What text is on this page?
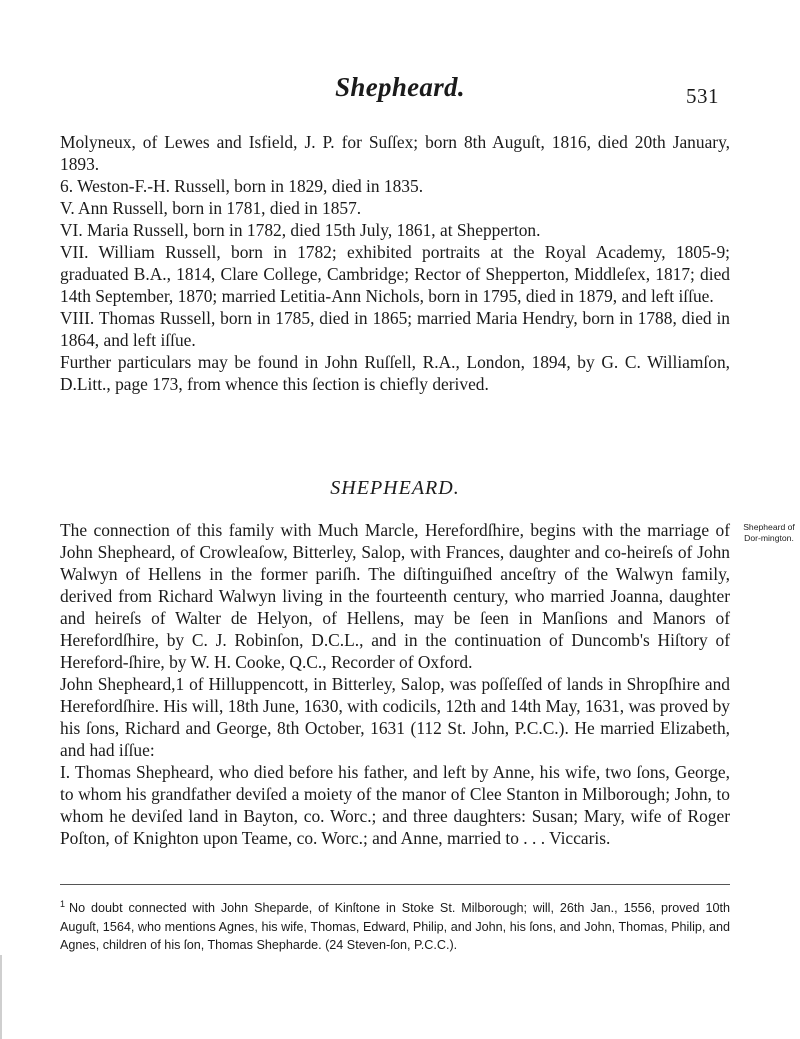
Shepheard.	531

Molyneux, of Lewes and Isfield, J. P. for Suſſex; born 8th Auguſt, 1816, died 20th January, 1893.

6. Weston-F.-H. Russell, born in 1829, died in 1835.

V. Ann Russell, born in 1781, died in 1857.

VI. Maria Russell, born in 1782, died 15th July, 1861, at Shepperton.

VII. William Russell, born in 1782; exhibited portraits at the Royal Academy, 1805-9; graduated B.A., 1814, Clare College, Cambridge; Rector of Shepperton, Middleſex, 1817; died 14th September, 1870; married Letitia-Ann Nichols, born in 1795, died in 1879, and left iſſue.

VIII. Thomas Russell, born in 1785, died in 1865; married Maria Hendry, born in 1788, died in 1864, and left iſſue.

Further particulars may be found in John Ruſſell, R.A., London, 1894, by G. C. Williamſon, D.Litt., page 173, from whence this ſection is chiefly derived.

SHEPHEARD.
Shepheard of Dor-mington.

The connection of this family with Much Marcle, Herefordſhire, begins with the marriage of John Shepheard, of Crowleaſow, Bitterley, Salop, with Frances, daughter and co-heireſs of John Walwyn of Hellens in the former pariſh. The diſtinguiſhed anceſtry of the Walwyn family, derived from Richard Walwyn living in the fourteenth century, who married Joanna, daughter and heireſs of Walter de Helyon, of Hellens, may be ſeen in Manſions and Manors of Herefordſhire, by C. J. Robinſon, D.C.L., and in the continuation of Duncomb's Hiſtory of Hereford-ſhire, by W. H. Cooke, Q.C., Recorder of Oxford.

John Shepheard,1 of Hilluppencott, in Bitterley, Salop, was poſſeſſed of lands in Shropſhire and Herefordſhire. His will, 18th June, 1630, with codicils, 12th and 14th May, 1631, was proved by his ſons, Richard and George, 8th October, 1631 (112 St. John, P.C.C.). He married Elizabeth, and had iſſue:

I. Thomas Shepheard, who died before his father, and left by Anne, his wife, two ſons, George, to whom his grandfather deviſed a moiety of the manor of Clee Stanton in Milborough; John, to whom he deviſed land in Bayton, co. Worc.; and three daughters: Susan; Mary, wife of Roger Poſton, of Knighton upon Teame, co. Worc.; and Anne, married to . . . Viccaris.

$^1$ No doubt connected with John Sheparde, of Kinſtone in Stoke St. Milborough; will, 26th Jan., 1556, proved 10th Auguſt, 1564, who mentions Agnes, his wife, Thomas, Edward, Philip, and John, his ſons, and John, Thomas, Philip, and Agnes, children of his ſon, Thomas Shepharde. (24 Steven-ſon, P.C.C.).
